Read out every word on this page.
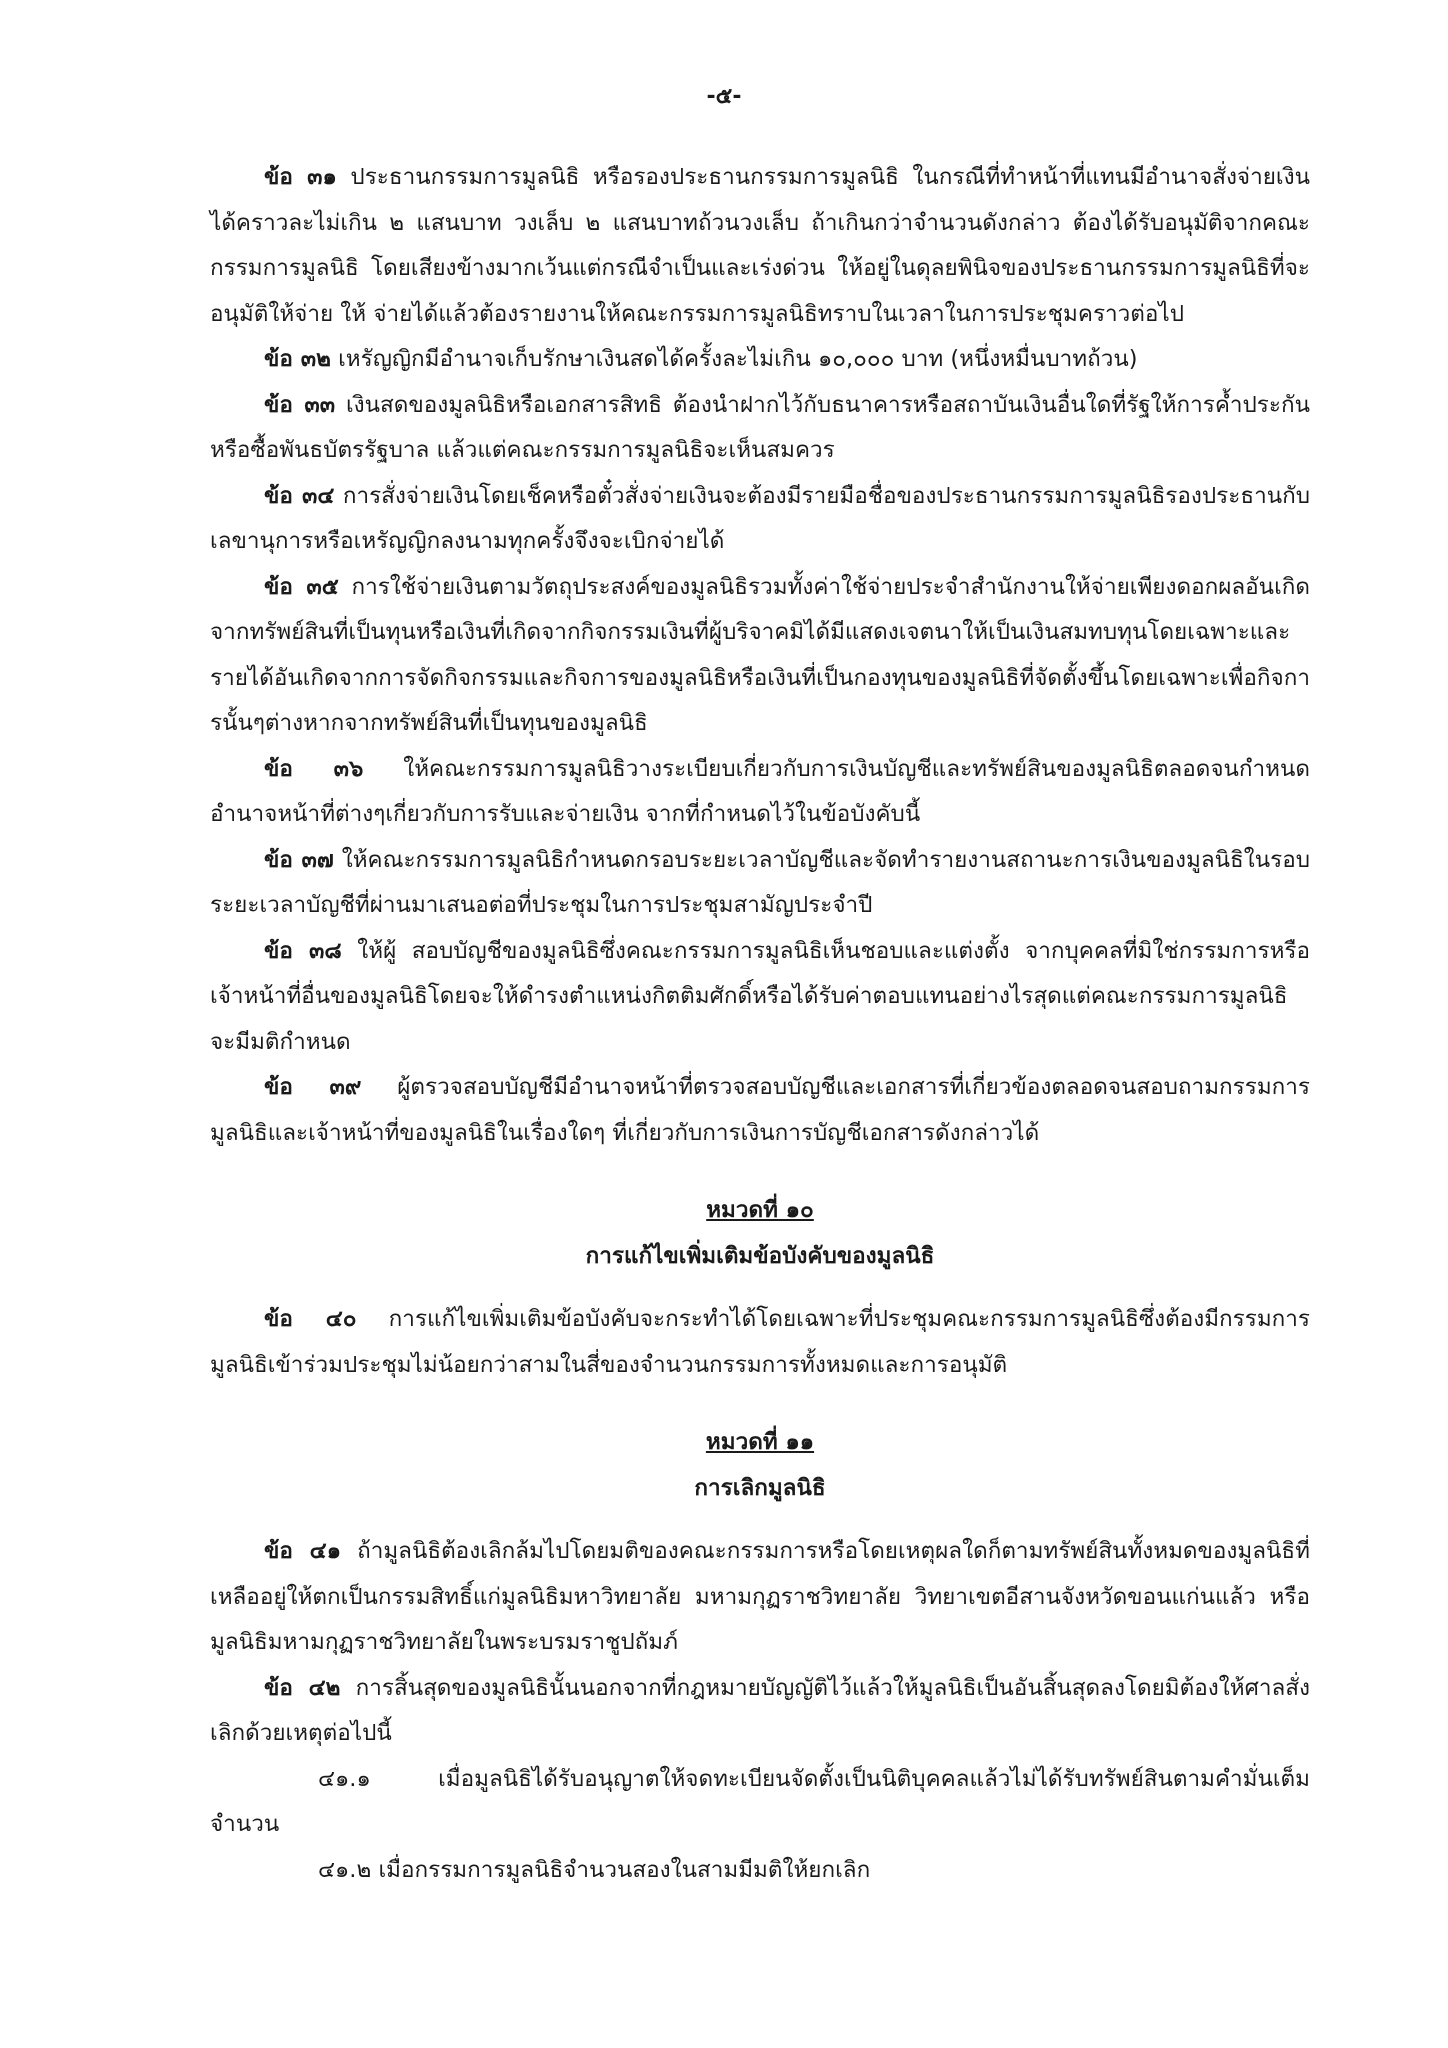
-๕-

ข้อ ๓๑ ประธานกรรมการมูลนิธิ หรือรองประธานกรรมการมูลนิธิ ในกรณีที่ทำหน้าที่แทนมีอำนาจสั่งจ่ายเงินได้คราวละไม่เกิน ๒ แสนบาท วงเล็บ ๒ แสนบาทถ้วนวงเล็บ ถ้าเกินกว่าจำนวนดังกล่าว ต้องได้รับอนุมัติจากคณะกรรมการมูลนิธิ โดยเสียงข้างมากเว้นแต่กรณีจำเป็นและเร่งด่วน ให้อยู่ในดุลยพินิจของประธานกรรมการมูลนิธิที่จะอนุมัติให้จ่าย ให้ จ่ายได้แล้วต้องรายงานให้คณะกรรมการมูลนิธิทราบในเวลาในการประชุมคราวต่อไป

ข้อ ๓๒ เหรัญญิกมีอำนาจเก็บรักษาเงินสดได้ครั้งละไม่เกิน ๑๐,๐๐๐ บาท (หนึ่งหมื่นบาทถ้วน)

ข้อ ๓๓ เงินสดของมูลนิธิหรือเอกสารสิทธิ ต้องนำฝากไว้กับธนาคารหรือสถาบันเงินอื่นใดที่รัฐให้การค้ำประกันหรือซื้อพันธบัตรรัฐบาล แล้วแต่คณะกรรมการมูลนิธิจะเห็นสมควร

ข้อ ๓๔ การสั่งจ่ายเงินโดยเช็คหรือตั๋วสั่งจ่ายเงินจะต้องมีรายมือชื่อของประธานกรรมการมูลนิธิรองประธานกับเลขานุการหรือเหรัญญิกลงนามทุกครั้งจึงจะเบิกจ่ายได้

ข้อ ๓๕ การใช้จ่ายเงินตามวัตถุประสงค์ของมูลนิธิรวมทั้งค่าใช้จ่ายประจำสำนักงานให้จ่ายเพียงดอกผลอันเกิดจากทรัพย์สินที่เป็นทุนหรือเงินที่เกิดจากกิจกรรมเงินที่ผู้บริจาคมิได้มีแสดงเจตนาให้เป็นเงินสมทบทุนโดยเฉพาะและรายได้อันเกิดจากการจัดกิจกรรมและกิจการของมูลนิธิหรือเงินที่เป็นกองทุนของมูลนิธิที่จัดตั้งขึ้นโดยเฉพาะเพื่อกิจการนั้นๆต่างหากจากทรัพย์สินที่เป็นทุนของมูลนิธิ

ข้อ ๓๖ ให้คณะกรรมการมูลนิธิวางระเบียบเกี่ยวกับการเงินบัญชีและทรัพย์สินของมูลนิธิตลอดจนกำหนดอำนาจหน้าที่ต่างๆเกี่ยวกับการรับและจ่ายเงิน จากที่กำหนดไว้ในข้อบังคับนี้

ข้อ ๓๗ ให้คณะกรรมการมูลนิธิกำหนดกรอบระยะเวลาบัญชีและจัดทำรายงานสถานะการเงินของมูลนิธิในรอบระยะเวลาบัญชีที่ผ่านมาเสนอต่อที่ประชุมในการประชุมสามัญประจำปี

ข้อ ๓๘ ให้ผู้ สอบบัญชีของมูลนิธิซึ่งคณะกรรมการมูลนิธิเห็นชอบและแต่งตั้ง จากบุคคลที่มิใช่กรรมการหรือเจ้าหน้าที่อื่นของมูลนิธิโดยจะให้ดำรงตำแหน่งกิตติมศักดิ์หรือได้รับค่าตอบแทนอย่างไรสุดแต่คณะกรรมการมูลนิธิจะมีมติกำหนด

ข้อ ๓๙ ผู้ตรวจสอบบัญชีมีอำนาจหน้าที่ตรวจสอบบัญชีและเอกสารที่เกี่ยวข้องตลอดจนสอบถามกรรมการมูลนิธิและเจ้าหน้าที่ของมูลนิธิในเรื่องใดๆ ที่เกี่ยวกับการเงินการบัญชีเอกสารดังกล่าวได้

หมวดที่ ๑๐

การแก้ไขเพิ่มเติมข้อบังคับของมูลนิธิ

ข้อ ๔๐ การแก้ไขเพิ่มเติมข้อบังคับจะกระทำได้โดยเฉพาะที่ประชุมคณะกรรมการมูลนิธิซึ่งต้องมีกรรมการมูลนิธิเข้าร่วมประชุมไม่น้อยกว่าสามในสี่ของจำนวนกรรมการทั้งหมดและการอนุมัติ

หมวดที่ ๑๑

การเลิกมูลนิธิ

ข้อ ๔๑ ถ้ามูลนิธิต้องเลิกล้มไปโดยมติของคณะกรรมการหรือโดยเหตุผลใดก็ตามทรัพย์สินทั้งหมดของมูลนิธิที่เหลืออยู่ให้ตกเป็นกรรมสิทธิ์แก่มูลนิธิมหาวิทยาลัย มหามกุฏราชวิทยาลัย วิทยาเขตอีสานจังหวัดขอนแก่นแล้ว หรือมูลนิธิมหามกุฏราชวิทยาลัยในพระบรมราชูปถัมภ์

ข้อ ๔๒ การสิ้นสุดของมูลนิธินั้นนอกจากที่กฎหมายบัญญัติไว้แล้วให้มูลนิธิเป็นอันสิ้นสุดลงโดยมิต้องให้ศาลสั่งเลิกด้วยเหตุต่อไปนี้

๔๑.๑ เมื่อมูลนิธิได้รับอนุญาตให้จดทะเบียนจัดตั้งเป็นนิติบุคคลแล้วไม่ได้รับทรัพย์สินตามคำมั่นเต็มจำนวน

๔๑.๒ เมื่อกรรมการมูลนิธิจำนวนสองในสามมีมติให้ยกเลิก
